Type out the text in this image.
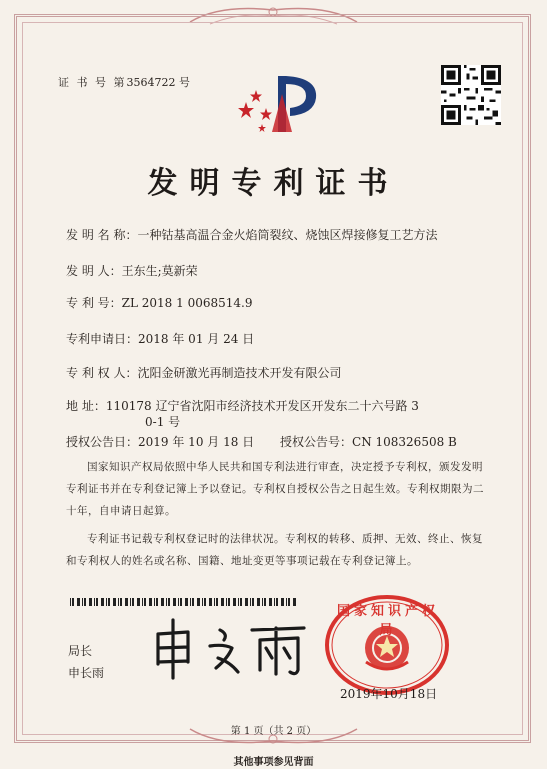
证 书 号 第3564722 号
发明专利证书
发 明 名 称：一种钴基高温合金火焰筒裂纹、烧蚀区焊接修复工艺方法
发 明 人：王东生;莫新荣
专 利 号：ZL 2018 1 0068514.9
专利申请日：2018 年 01 月 24 日
专 利 权 人：沈阳金研激光再制造技术开发有限公司
地 址：110178 辽宁省沈阳市经济技术开发区开发东二十六号路 3
0-1 号
授权公告日：2019 年 10 月 18 日 授权公告号：CN 108326508 B
国家知识产权局依照中华人民共和国专利法进行审查，决定授予专利权，颁发发明专利证书并在专利登记簿上予以登记。专利权自授权公告之日起生效。专利权期限为二十年，自申请日起算。
专利证书记载专利权登记时的法律状况。专利权的转移、质押、无效、终止、恢复和专利权人的姓名或名称、国籍、地址变更等事项记载在专利登记簿上。
局长
申长雨
国家知识产权局
2019年10月18日
第 1 页（共 2 页）
其他事项参见背面
